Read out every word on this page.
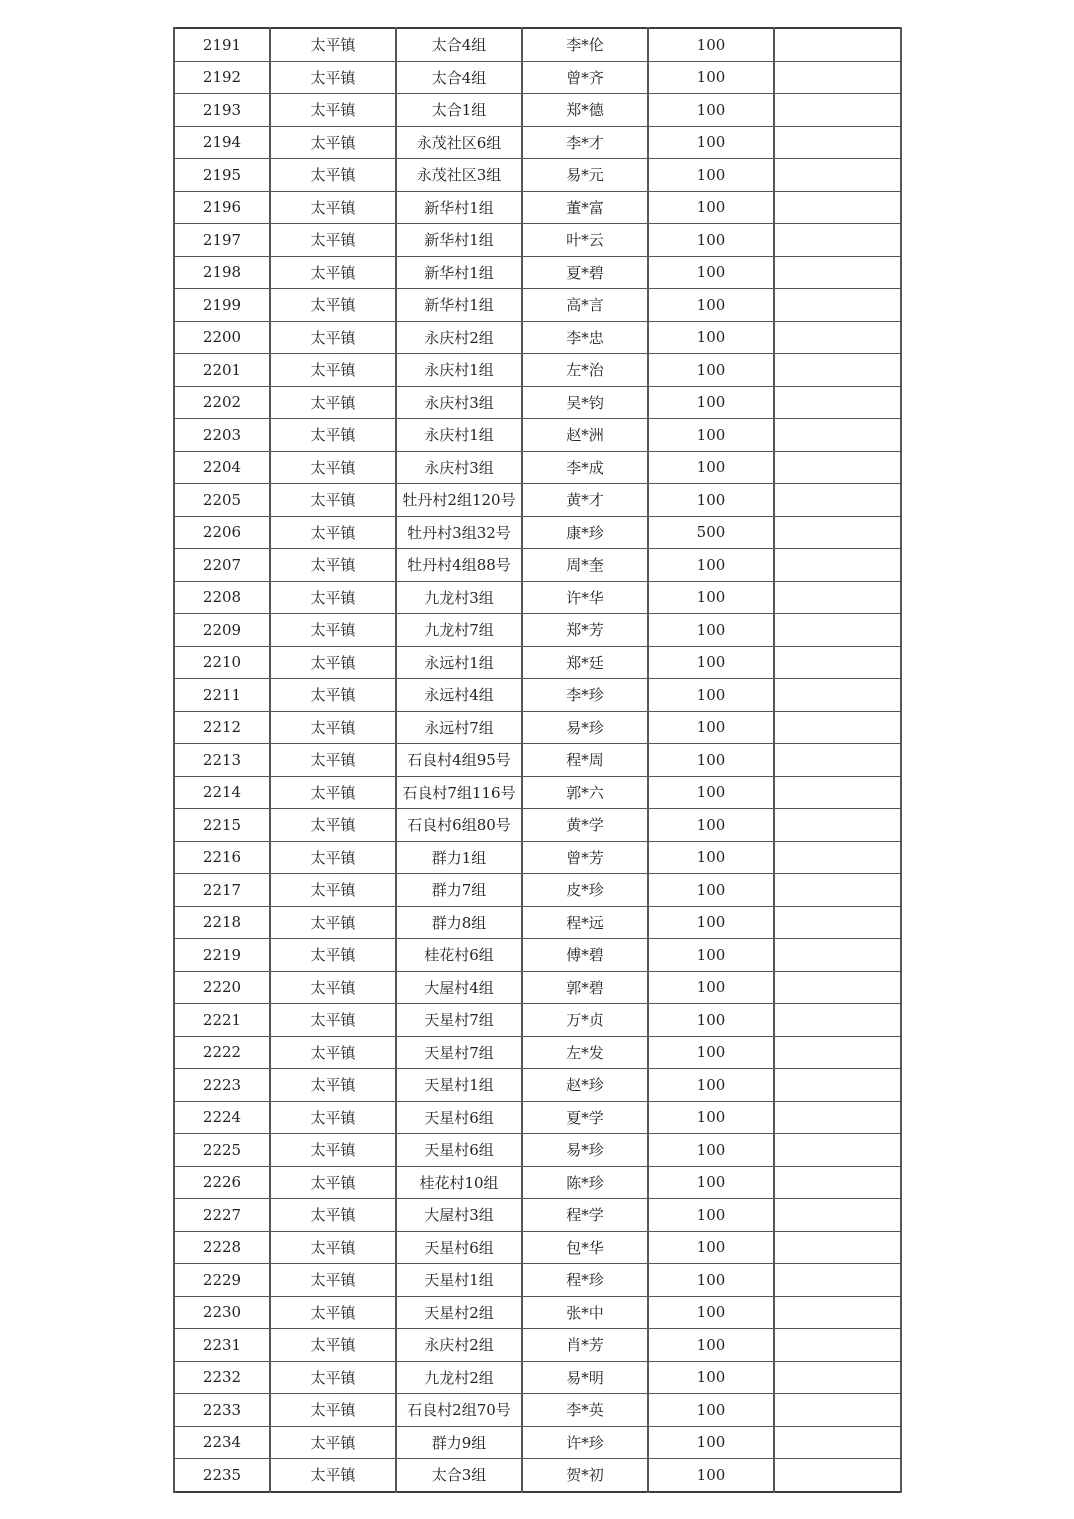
2191	太平镇	太合4组	李*伦	100	
2192	太平镇	太合4组	曾*齐	100	
2193	太平镇	太合1组	郑*德	100	
2194	太平镇	永茂社区6组	李*才	100	
2195	太平镇	永茂社区3组	易*元	100	
2196	太平镇	新华村1组	董*富	100	
2197	太平镇	新华村1组	叶*云	100	
2198	太平镇	新华村1组	夏*碧	100	
2199	太平镇	新华村1组	高*言	100	
2200	太平镇	永庆村2组	李*忠	100	
2201	太平镇	永庆村1组	左*治	100	
2202	太平镇	永庆村3组	吴*钧	100	
2203	太平镇	永庆村1组	赵*洲	100	
2204	太平镇	永庆村3组	李*成	100	
2205	太平镇	牡丹村2组120号	黄*才	100	
2206	太平镇	牡丹村3组32号	康*珍	500	
2207	太平镇	牡丹村4组88号	周*奎	100	
2208	太平镇	九龙村3组	许*华	100	
2209	太平镇	九龙村7组	郑*芳	100	
2210	太平镇	永远村1组	郑*廷	100	
2211	太平镇	永远村4组	李*珍	100	
2212	太平镇	永远村7组	易*珍	100	
2213	太平镇	石良村4组95号	程*周	100	
2214	太平镇	石良村7组116号	郭*六	100	
2215	太平镇	石良村6组80号	黄*学	100	
2216	太平镇	群力1组	曾*芳	100	
2217	太平镇	群力7组	皮*珍	100	
2218	太平镇	群力8组	程*远	100	
2219	太平镇	桂花村6组	傅*碧	100	
2220	太平镇	大屋村4组	郭*碧	100	
2221	太平镇	天星村7组	万*贞	100	
2222	太平镇	天星村7组	左*发	100	
2223	太平镇	天星村1组	赵*珍	100	
2224	太平镇	天星村6组	夏*学	100	
2225	太平镇	天星村6组	易*珍	100	
2226	太平镇	桂花村10组	陈*珍	100	
2227	太平镇	大屋村3组	程*学	100	
2228	太平镇	天星村6组	包*华	100	
2229	太平镇	天星村1组	程*珍	100	
2230	太平镇	天星村2组	张*中	100	
2231	太平镇	永庆村2组	肖*芳	100	
2232	太平镇	九龙村2组	易*明	100	
2233	太平镇	石良村2组70号	李*英	100	
2234	太平镇	群力9组	许*珍	100	
2235	太平镇	太合3组	贺*初	100	
